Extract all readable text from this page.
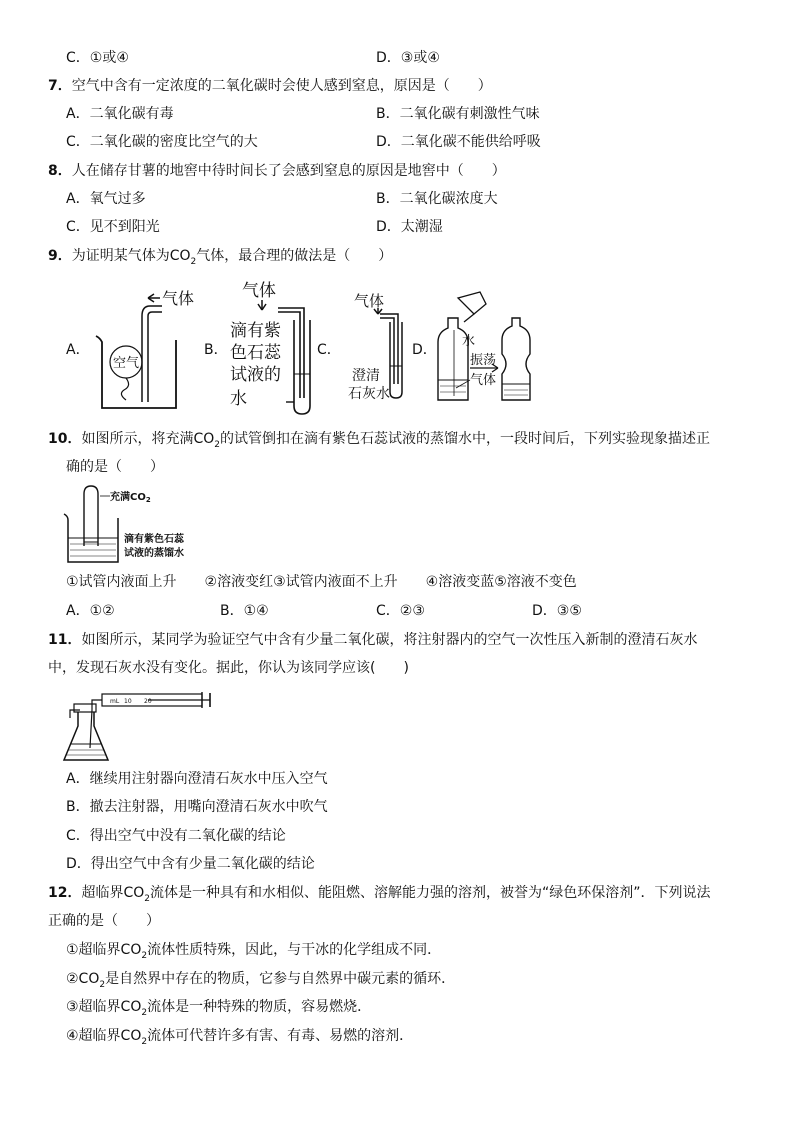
C．①或④	D．③或④
7．空气中含有一定浓度的二氧化碳时会使人感到窒息，原因是（　　）
A．二氧化碳有毒	B．二氧化碳有刺激性气味
C．二氧化碳的密度比空气的大	D．二氧化碳不能供给呼吸
8．人在储存甘薯的地窖中待时间长了会感到窒息的原因是地窖中（　　）
A．氧气过多	B．二氧化碳浓度大
C．见不到阳光	D．太潮湿
9．为证明某气体为$CO_2$气体，最合理的做法是（　　）
A．
气体
空气
B．
气体
滴有紫
色石蕊
试液的
水
C．
气体
澄清
石灰水
D．
水
振荡
气体
10．如图所示，将充满$CO_2$的试管倒扣在滴有紫色石蕊试液的蒸馏水中，一段时间后，下列实验现象描述正
确的是（　　）
充满$CO_2$
滴有紫色石蕊
试液的蒸馏水
①试管内液面上升　　②溶液变红③试管内液面不上升　　④溶液变蓝⑤溶液不变色
A．①②	B．①④	C．②③	D．③⑤
11．如图所示，某同学为验证空气中含有少量二氧化碳，将注射器内的空气一次性压入新制的澄清石灰水
中，发现石灰水没有变化。据此，你认为该同学应该(　　)
mL 10 20
A．继续用注射器向澄清石灰水中压入空气
B．撤去注射器，用嘴向澄清石灰水中吹气
C．得出空气中没有二氧化碳的结论
D．得出空气中含有少量二氧化碳的结论
12．超临界$CO_2$流体是一种具有和水相似、能阻燃、溶解能力强的溶剂，被誉为“绿色环保溶剂”．下列说法
正确的是（　　）
①超临界$CO_2$流体性质特殊，因此，与干冰的化学组成不同．
$②CO_2$是自然界中存在的物质，它参与自然界中碳元素的循环．
③超临界$CO_2$流体是一种特殊的物质，容易燃烧．
④超临界$CO_2$流体可代替许多有害、有毒、易燃的溶剂．
